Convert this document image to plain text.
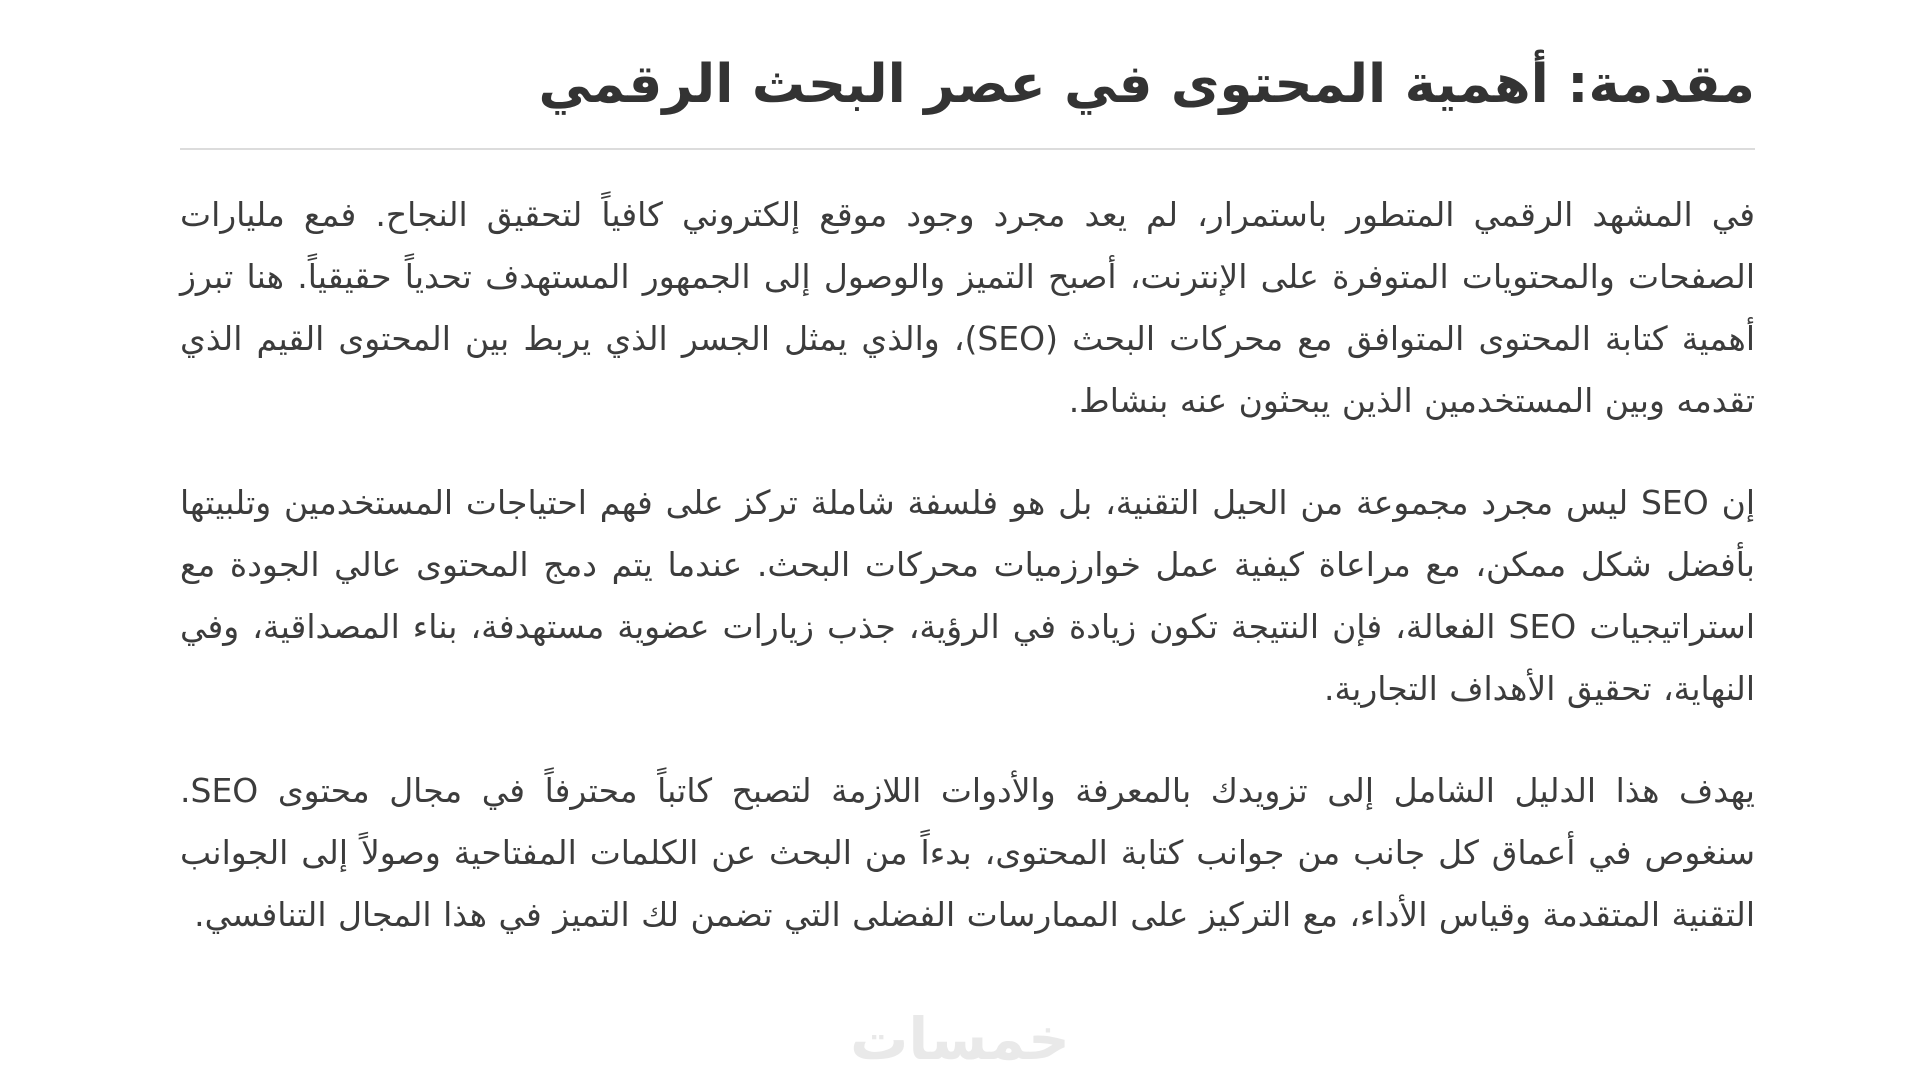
مقدمة: أهمية المحتوى في عصر البحث الرقمي

في المشهد الرقمي المتطور باستمرار، لم يعد مجرد وجود موقع إلكتروني كافياً لتحقيق النجاح. فمع مليارات الصفحات والمحتويات المتوفرة على الإنترنت، أصبح التميز والوصول إلى الجمهور المستهدف تحدياً حقيقياً. هنا تبرز أهمية كتابة المحتوى المتوافق مع محركات البحث (SEO)، والذي يمثل الجسر الذي يربط بين المحتوى القيم الذي تقدمه وبين المستخدمين الذين يبحثون عنه بنشاط.

إن SEO ليس مجرد مجموعة من الحيل التقنية، بل هو فلسفة شاملة تركز على فهم احتياجات المستخدمين وتلبيتها بأفضل شكل ممكن، مع مراعاة كيفية عمل خوارزميات محركات البحث. عندما يتم دمج المحتوى عالي الجودة مع استراتيجيات SEO الفعالة، فإن النتيجة تكون زيادة في الرؤية، جذب زيارات عضوية مستهدفة، بناء المصداقية، وفي النهاية، تحقيق الأهداف التجارية.

يهدف هذا الدليل الشامل إلى تزويدك بالمعرفة والأدوات اللازمة لتصبح كاتباً محترفاً في مجال محتوى SEO. سنغوص في أعماق كل جانب من جوانب كتابة المحتوى، بدءاً من البحث عن الكلمات المفتاحية وصولاً إلى الجوانب التقنية المتقدمة وقياس الأداء، مع التركيز على الممارسات الفضلى التي تضمن لك التميز في هذا المجال التنافسي.

خمسات
